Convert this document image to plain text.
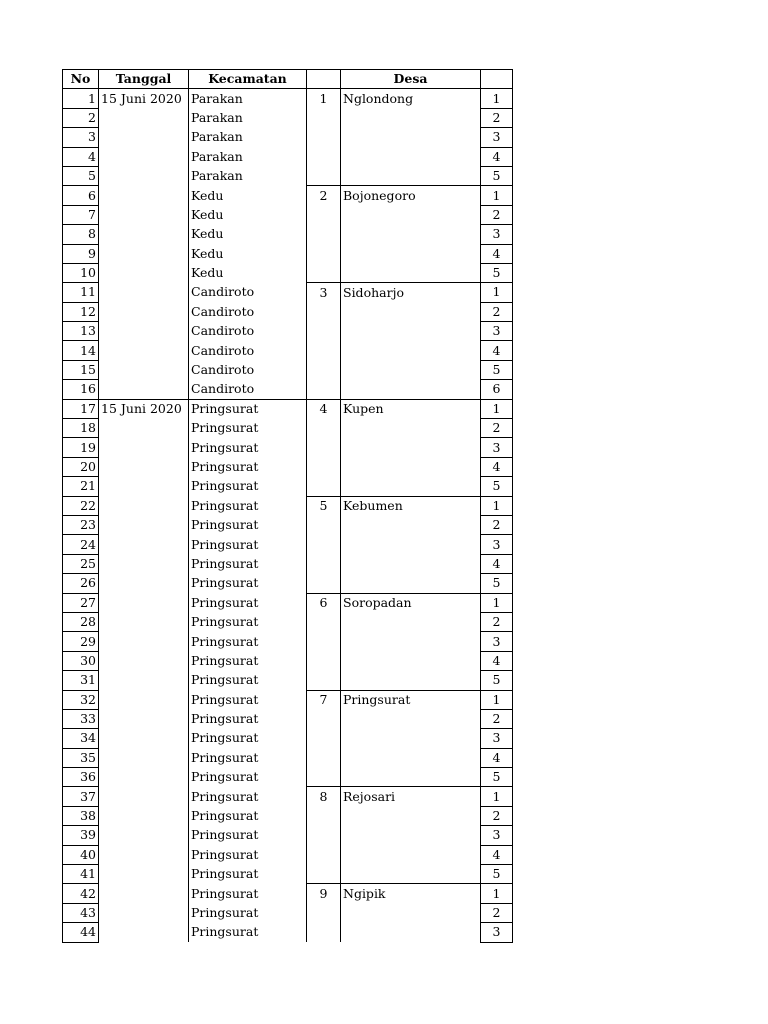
No	Tanggal	Kecamatan		Desa	
1	15 Juni 2020	Parakan	1	Nglondong	1
2		Parakan			2
3		Parakan			3
4		Parakan			4
5		Parakan			5
6		Kedu	2	Bojonegoro	1
7		Kedu			2
8		Kedu			3
9		Kedu			4
10		Kedu			5
11		Candiroto	3	Sidoharjo	1
12		Candiroto			2
13		Candiroto			3
14		Candiroto			4
15		Candiroto			5
16		Candiroto			6
17	15 Juni 2020	Pringsurat	4	Kupen	1
18		Pringsurat			2
19		Pringsurat			3
20		Pringsurat			4
21		Pringsurat			5
22		Pringsurat	5	Kebumen	1
23		Pringsurat			2
24		Pringsurat			3
25		Pringsurat			4
26		Pringsurat			5
27		Pringsurat	6	Soropadan	1
28		Pringsurat			2
29		Pringsurat			3
30		Pringsurat			4
31		Pringsurat			5
32		Pringsurat	7	Pringsurat	1
33		Pringsurat			2
34		Pringsurat			3
35		Pringsurat			4
36		Pringsurat			5
37		Pringsurat	8	Rejosari	1
38		Pringsurat			2
39		Pringsurat			3
40		Pringsurat			4
41		Pringsurat			5
42		Pringsurat	9	Ngipik	1
43		Pringsurat			2
44		Pringsurat			3
